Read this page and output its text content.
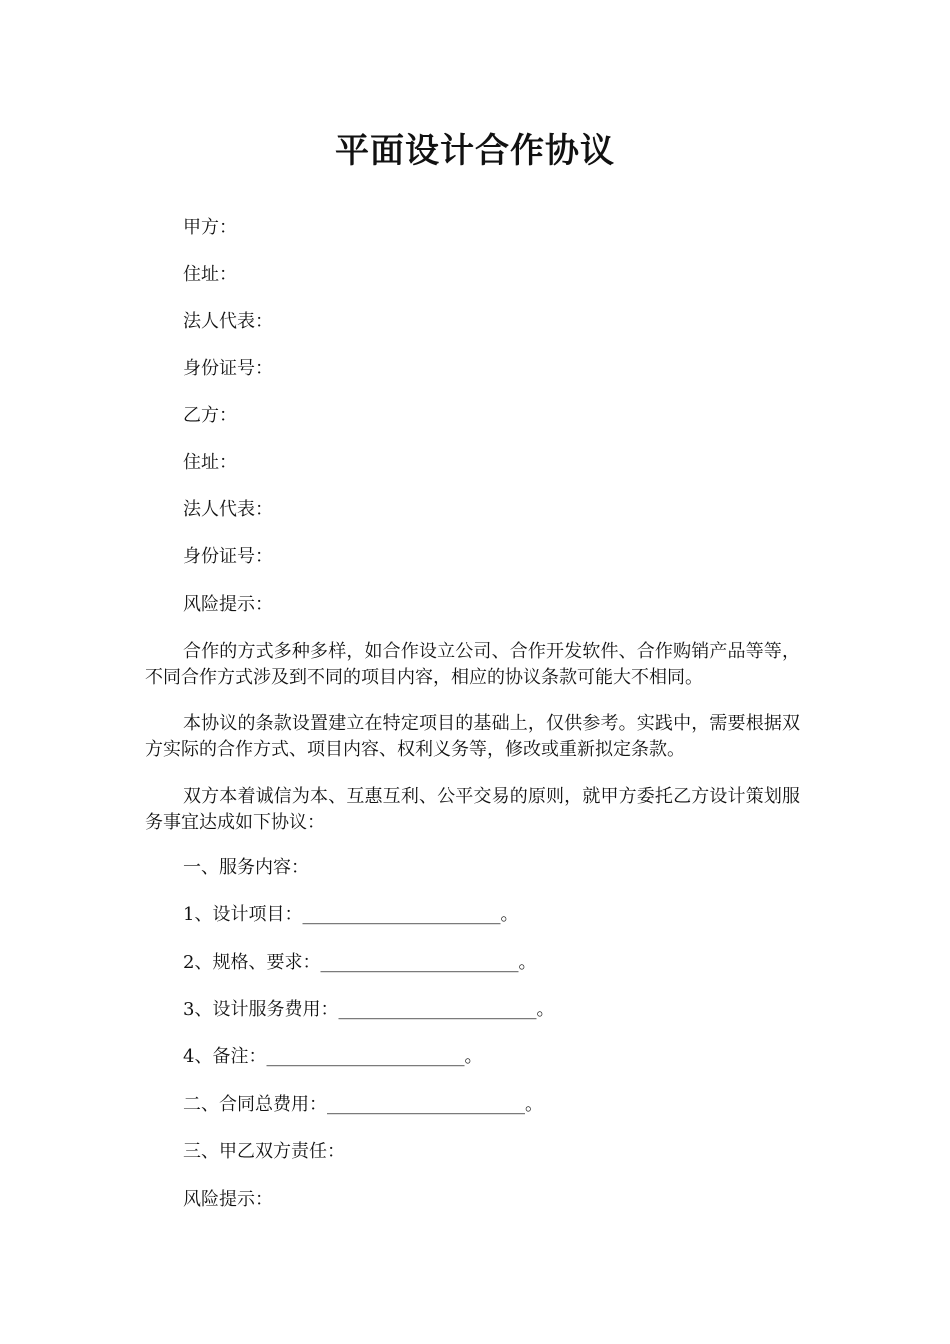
平面设计合作协议
甲方：
住址：
法人代表：
身份证号：
乙方：
住址：
法人代表：
身份证号：
风险提示：
合作的方式多种多样，如合作设立公司、合作开发软件、合作购销产品等等，不同合作方式涉及到不同的项目内容，相应的协议条款可能大不相同。
本协议的条款设置建立在特定项目的基础上，仅供参考。实践中，需要根据双方实际的合作方式、项目内容、权利义务等，修改或重新拟定条款。
双方本着诚信为本、互惠互利、公平交易的原则，就甲方委托乙方设计策划服务事宜达成如下协议：
一、服务内容：
1、设计项目：______________________。
2、规格、要求：______________________。
3、设计服务费用：______________________。
4、备注：______________________。
二、合同总费用：______________________。
三、甲乙双方责任：
风险提示：
